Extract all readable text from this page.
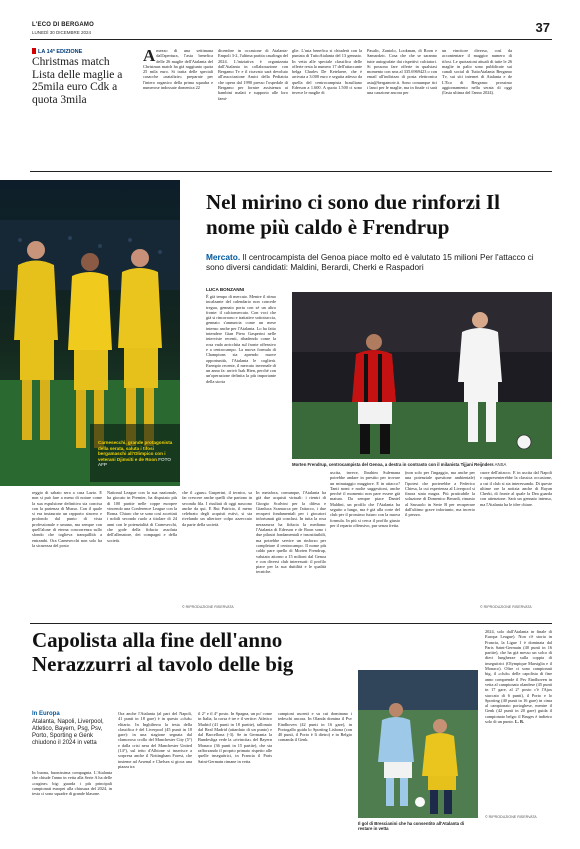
L'ECO DI BERGAMO
LUNEDÌ 30 DICEMBRE 2024	37
LA 14ª EDIZIONE
Christmas match Lista delle maglie a 25mila euro Cdk a quota 3mila
Amezzo di una settimana dall'apertura, l'asta benefica delle 26 maglie dell'Atalanta del Christmas match ha già raggiunto quota 25 mila euro. Si tratta delle speciali casacche «natalizie» preparate per l'intero organico della prima squadra e numerose indossate domenica 22
dicembre in occasione di Atalanta-Empoli 3-2, l'ultima partita casalinga del 2024. L'iniziativa è organizzata dall'Atalanta in collaborazione con Bergamo Tv e il ricavato sarà devoluto all'associazione Amici della Pediatria che opera dal 1990 presso l'ospedale di Bergamo per fornire assistenza ai bambini malati e supporto alle loro fami-
glie. L'asta benefica si chiuderà con la puntata di TuttoAtalanta del 13 gennaio. In vetta alle speciale classifica delle offerte resta la numero 17 dell'attaccante belga Charles De Ketelaere, che è arrivata a 3.000 euro e seguita adesso da quella del centrocampista brasiliano Ederson a 1.600. A quota 1.500 ci sono invece le maglie di
Pasalic, Zaniolo, Lookman, di Roon e Samardzic. Cosa che che se saranno tutte autografate dai rispettivi calciatori. Si possono fare offerte in qualsiasi momento con sms al 335.6969423 o con email all'indirizzo di posta elettronica asta@bergamotv.it. Sono comunque tiri i lanci per le maglie, ma in finale ci sarà una cauzione ancora per
un vincitore diverso, così da accontentare il maggior numero di tifosi. Le quotazioni attuali di tutte le 26 maglie in palio sono pubblicate sui canali social di TuttoAtalanta Bergamo Tv, sui siti internet di Atalanta e de L'Eco di Bergamo: prossimo aggiornamento nella serata di oggi (l'asta ultima del l'anno 2024).
Carnesecchi, grande protagonista della serata, saluta i tifosi bergamaschi all'Olimpico con i veterani Djimsiti e de Roon FOTO AFP
Nel mirino ci sono due rinforzi Il nome più caldo è Frendrup
Mercato. Il centrocampista del Genoa piace molto ed è valutato 15 milioni Per l'attacco ci sono diversi candidati: Maldini, Berardi, Cherki e Raspadori
LUCA BONZANNI
È già tempo di mercato. Mentre il ritmo incalzante del calendario non concede tregua, gennaio porta con sé un altro fronte: il calciomercato. Con voci che già si rincorrono e trattative sottotraccia, gennaio s'annuncia come un mese intenso anche per l'Atalanta. Lo ha fatto intendere Gian Piero Gasperini nelle interviste recenti, ribadendo come la rosa vada arricchita sul fronte offensivo e a centrocampo. La nuova formula di Champions sta aprendo nuove opportunità, l'Atalanta le coglierà. Esempio recente, il mercato invernale di un anno fa: arrivò Isak Hien, perché con un'operazione definita la più importante della storia
Morten Frendrup, centrocampista del Genoa, a destra in contrasto con il milanista Tijjani Reijnders ANSA
reggio di sabato sera a casa Lazio. E non si può fare a meno di notare come la sua espulsione definitiva sia concisa con la partenza di Musso. Con il quale si era instaurato un rapporto sincero e profondo dal punto di vista professionale e umano, ma sempre con quell'alone di eterna concorrenza sullo sfondo che toglieva tranquillità a entrambi. Ora Carnesecchi non solo ha la sicurezza del posto
National League con la sua nazionale, ha giocato in Premier, ha disputato più di 100 partite nelle coppe europee vincendo una Conference League con la Roma. Chiaro che se sono così accettati i nobili secondo ruolo a titolare di 24 anni con le potenzialità di Carnesecchi, che gode della fiducia assoluta dell'allenatore, dei compagni e della società.
che il «guru» Gasperini, il tecnico, sa far crescere anche quelli che partono in seconda fila. I risultati di oggi nascono anche da qui. E Rui Patricio, il meno celebrato degli acquisti estivi, si sta rivelando un ulteriore colpo azzeccato da parte della società.
In metafora, comunque, l'Atalanta ha già due acquisti virtuali: i rientri di Giorgio Scalvini per la difesa e Gianluca Scamacca per l'attacco, i due recuperi fondamentali per i giocatori infortunati già conclusi. In tutta la rosa nerazzurra ha fiducia la mediana: l'Atalanta di Ederson e de Roon sono i due pilastri fondamentali e insostituibili, ma potrebbe servire un rinforzo per completare il centrocampo. Il nome più caldo pare quello di Morten Frendrup, valutato attorno a 15 milioni dal Genoa e con diversi club interessati: il profilo piace per la sua duttilità e le qualità tecniche.
uscita, invece, Ibrahim Sulemana potrebbe andare in prestito per trovare un minutaggio maggiore. E in attacco? Tanti nomi e molte suggestioni, anche perché il momento non pare essere già maturo. Da sempre piace Daniel Maldini, un profilo che l'Atalanta ha seguito a lungo, ma è già alla corte del club per il prossimo futuro con la nuova formula. In più si cerca il profilo giusto per il reparto offensivo, pur senza fretta.
(non solo per l'ingaggio, ma anche per una potenziale questione ambientale) l'ipotesi che porterebbe a Federico Chiesa, la cui esperienza al Liverpool si finora stata magra. Più praticabile la soluzione di Domenico Berardi, rimasto al Sassuolo in Serie B per recuperare dall'ultimo grave infortunio, ma incerto il prezzo.
cuore dell'attacco. E in uscita dal Napoli e rappresenterebbe la classica occasione, a cui il club si sta interessando. Di queste ultime ore la notizia anche di Rayan Cherki, di fronte al quale la Dea guarda con attenzione. Sarà un gennaio intenso, ma l'Atalanta ha le idee chiare.
© RIPRODUZIONE RISERVATA	© RIPRODUZIONE RISERVATA
Capolista alla fine dell'anno Nerazzurri al tavolo delle big
In Europa
Atalanta, Napoli, Liverpool, Atletico, Bayern, Psg, Psv, Porto, Sporting e Genk chiudono il 2024 in vetta
In buona, buonissima compagnia. L'Atalanta che chiude l'anno in vetta alla Serie A ha delle «cugine» big: guarda i più principali campionati europei alla chiusura del 2024, in testa ci sono squadre di grande blasone.
Ora anche l'Atalanta (al pari del Napoli, 41 punti in 18 gare) è in questo «club» elitario. In Inghilterra la testa della classifica è del Liverpool (45 punti in 18 gare): in una stagione segnata dal clamoroso crollo del Manchester City (5°) e dalla crisi nera del Manchester United (14°), sul tetto d'Albione si inserisce a sorpresa anche il Nottingham Forest, che insieme ad Arsenal e Chelsea si gioca una piazza tra
il 2° e il 4° posto. In Spagna, un po' come in Italia, la corsa è tre e il vertice: Atletico Madrid (41 punti in 18 partite), tallonato dal Real Madrid (attardato di un punto) e dal Barcellona (-3). Se in Germania la Bundesliga vede la «rivincita» del Bayern Monaco (36 punti in 15 partite), che sta rafforzando il proprio primato rispetto alle quelle inseguitrici, in Francia il Paris Saint-Germain rimane in vetta.
campioni uscenti e su cui dominano i tedeschi ancora. In Olanda domina il Psv Eindhoven (42 punti in 16 gare), in Portogallo guida lo Sporting Lisbona (con 40 punti, il Porto è lì dietro) e in Belgio comanda il Genk.
Il gol di Brescianini che ha consentito all'Atalanta di restare in vetta
2024, solo dall'Atalanta in finale di Europa League). Non c'è storia in Francia, la Ligue 1 è dominata dal Paris Saint-Germain (40 punti in 16 partite), che ha già messo un solco di dieci lunghezze sulla coppia di inseguitrici (Olympique Marsiglia e il Monaco). Oltre ci sono campionati big, il «club» delle capolista di fine anno comprende il Psv Eindhoven in vetta al campionato olandese (45 punti in 17 gare, al 2° posto c'è l'Ajax staccato di 6 punti), il Porto e lo Sporting (40 punti in 16 gare) in cima al campionato portoghese, mentre il Genk (42 punti in 20 gare) guida il campionato belga: il Bruges è indietro solo di un punto. L. B.
© RIPRODUZIONE RISERVATA
